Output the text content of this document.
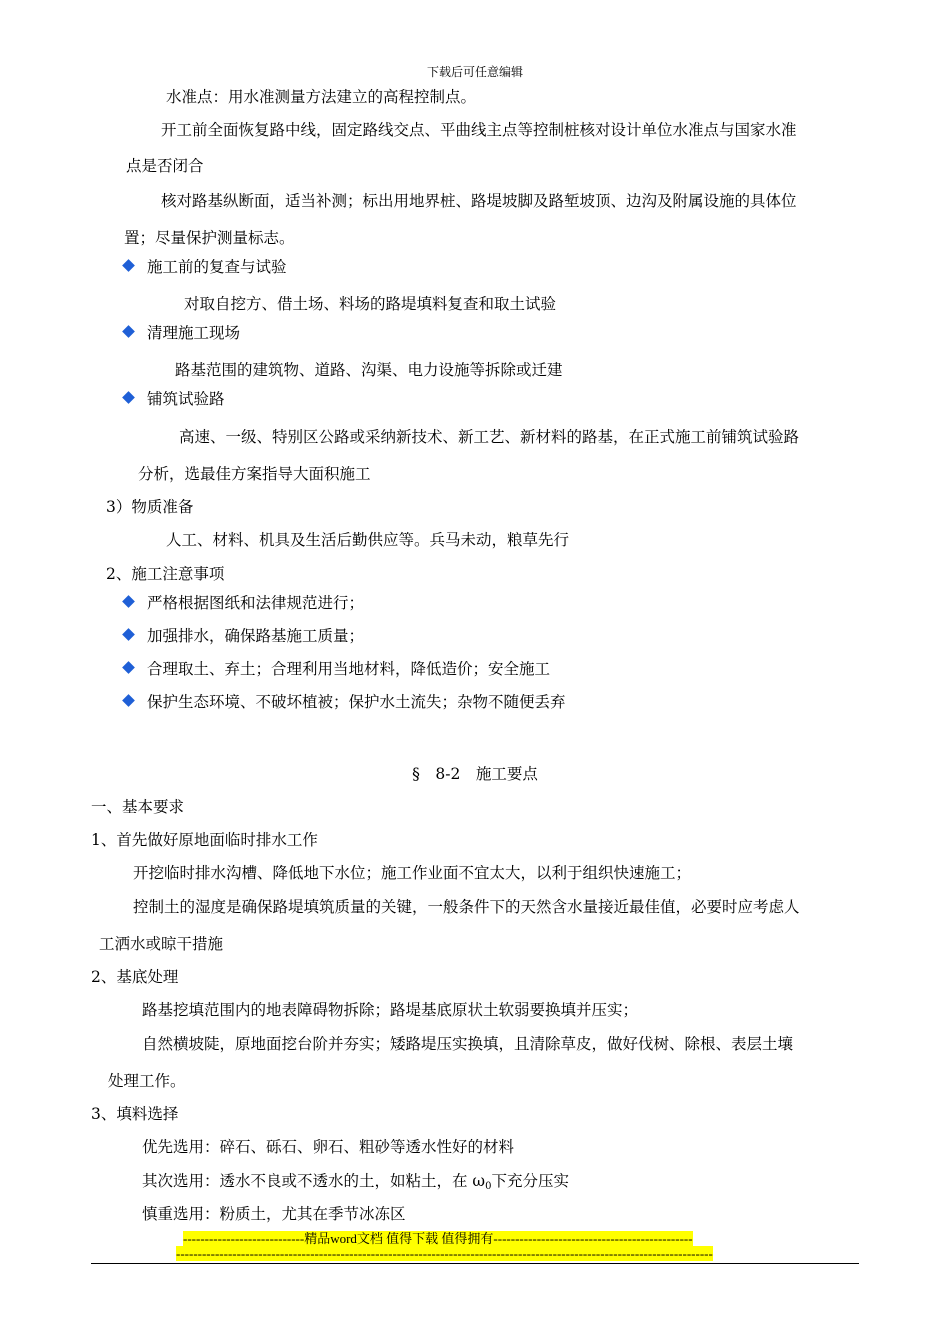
下载后可任意编辑
水准点：用水准测量方法建立的高程控制点。
开工前全面恢复路中线，固定路线交点、平曲线主点等控制桩核对设计单位水准点与国家水准
点是否闭合
核对路基纵断面，适当补测；标出用地界桩、路堤坡脚及路堑坡顶、边沟及附属设施的具体位
置；尽量保护测量标志。
施工前的复查与试验
对取自挖方、借土场、料场的路堤填料复查和取土试验
清理施工现场
路基范围的建筑物、道路、沟渠、电力设施等拆除或迁建
铺筑试验路
高速、一级、特别区公路或采纳新技术、新工艺、新材料的路基，在正式施工前铺筑试验路
分析，选最佳方案指导大面积施工
3）物质准备
人工、材料、机具及生活后勤供应等。兵马未动，粮草先行
2、施工注意事项
严格根据图纸和法律规范进行；
加强排水，确保路基施工质量；
合理取土、弃土；合理利用当地材料，降低造价；安全施工
保护生态环境、不破坏植被；保护水土流失；杂物不随便丢弃
§　8-2　施工要点
一、基本要求
1、首先做好原地面临时排水工作
开挖临时排水沟槽、降低地下水位；施工作业面不宜太大，以利于组织快速施工；
控制土的湿度是确保路堤填筑质量的关键，一般条件下的天然含水量接近最佳值，必要时应考虑人
工洒水或晾干措施
2、基底处理
路基挖填范围内的地表障碍物拆除；路堤基底原状土软弱要换填并压实；
自然横坡陡，原地面挖台阶并夯实；矮路堤压实换填，且清除草皮，做好伐树、除根、表层土壤
处理工作。
3、填料选择
优先选用：碎石、砾石、卵石、粗砂等透水性好的材料
其次选用：透水不良或不透水的土，如粘土，在 $\omega_0$下充分压实
慎重选用：粉质土，尤其在季节冰冻区
----------------------------精品word文档 值得下载 值得拥有----------------------------------------------
----------------------------------------------------------------------------------------------------------------------------
